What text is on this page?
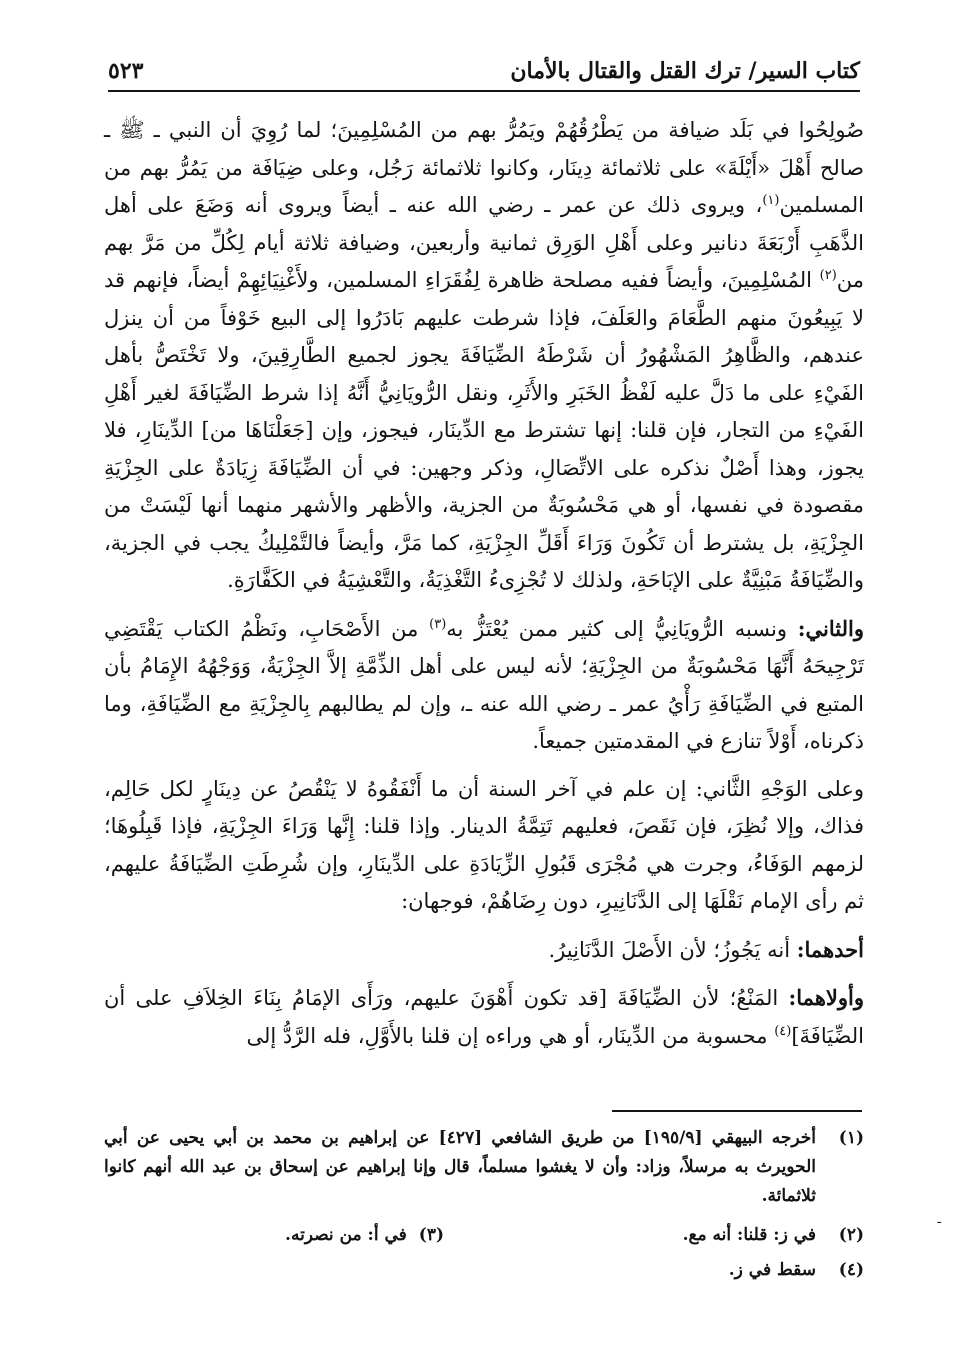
٥٢٣	كتاب السير/ ترك القتل والقتال بالأمان

صُولِحُوا في بَلَد ضيافة من يَطْرُقُهُمْ ويَمُرُّ بهم من المُسْلِمِينَ؛ لما رُوِيَ أن النبي ـ ﷺ ـ صالح أَهْلَ «أَيْلَةَ» على ثلاثمائة دِينَار، وكانوا ثلاثمائة رَجُل، وعلى ضِيَافَة من يَمُرُّ بهم من المسلمين$^{(١)}$، ويروى ذلك عن عمر ـ رضي الله عنه ـ أيضاً ويروى أنه وَضَعَ على أهل الذَّهَبِ أَرْبَعَةَ دنانير وعلى أَهْلِ الوَرِق ثمانية وأربعين، وضيافة ثلاثة أيام لِكُلِّ من مَرَّ بهم من$^{(٢)}$ المُسْلِمِينَ، وأيضاً ففيه مصلحة ظاهرة لِفُقَرَاءِ المسلمين، ولأَغْنِيَائِهِمْ أيضاً، فإنهم قد لا يَبِيعُونَ منهم الطَّعَامَ والعَلَفَ، فإذا شرطت عليهم بَادَرُوا إلى البيع خَوْفاً من أن ينزل عندهم، والظَّاهِرُ المَشْهُورُ أن شَرْطَهُ الضِّيَافَةَ يجوز لجميع الطَّارِقِينَ، ولا تَخْتَصُّ بأهل الفَيْءِ على ما دَلَّ عليه لَفْظُ الخَبَرِ والأَثَرِ، ونقل الرُّويَانِيُّ أَنَّهُ إذا شرط الضِّيَافَةَ لغير أَهْلِ الفَيْءِ من التجار، فإن قلنا: إنها تشترط مع الدِّينَار، فيجوز، وإن [جَعَلْنَاهَا من] الدِّينَارِ، فلا يجوز، وهذا أَصْلٌ نذكره على الاتِّصَالِ، وذكر وجهين: في أن الضِّيَافَةَ زِيَادَةٌ على الجِزْيَةِ مقصودة في نفسها، أو هي مَحْسُوبَةٌ من الجزية، والأظهر والأشهر منهما أنها لَيْسَتْ من الجِزْيَةِ، بل يشترط أن تَكُونَ وَرَاءَ أَقَلِّ الجِزْيَةِ، كما مَرَّ، وأيضاً فالتَّمْلِيكُ يجب في الجزية، والضِّيَافَةُ مَبْنِيَّةٌ على الإبَاحَةِ، ولذلك لا تُجْزِىءُ التَّغْذِيَةُ، والتَّعْشِيَةُ في الكَفَّارَةِ.

والثاني: ونسبه الرُّويَانِيُّ إلى كثير ممن يُعْتَزُّ به$^{(٣)}$ من الأَصْحَابِ، ونَظْمُ الكتاب يَقْتَضِي تَرْجِيحَهُ أَنَّهَا مَحْسُوبَةٌ من الجِزْيَةِ؛ لأنه ليس على أهل الذِّمَّةِ إلاَّ الجِزْيَةُ، وَوَجْهُهُ الإِمَامُ بأن المتبع في الضِّيَافَةِ رَأْيُ عمر ـ رضي الله عنه ـ، وإن لم يطالبهم بِالجِزْيَةِ مع الضِّيَافَةِ، وما ذكرناه، أَوْلاً تنازع في المقدمتين جميعاً.

وعلى الوَجْهِ الثَّاني: إن علم في آخر السنة أن ما أَنْفَقُوهُ لا يَنْقُصُ عن دِينَارٍ لكل حَالِم، فذاك، وإلا نُظِرَ، فإن نَقَصَ، فعليهم تَتِمَّةُ الدينار. وإذا قلنا: إِنَّها وَرَاءَ الجِزْيَةِ، فإذا قَبِلُوهَا؛ لزمهم الوَفَاءُ، وجرت هي مُجْرَى قَبُولِ الزِّيَادَةِ على الدِّينَارِ، وإن شُرِطَتِ الضِّيَافَةُ عليهم، ثم رأى الإمام نَقْلَهَا إلى الدَّنَانِيرِ، دون رِضَاهُمْ، فوجهان:

أحدهما: أنه يَجُوزُ؛ لأن الأَصْلَ الدَّنَانِيرُ.

وأولاهما: المَنْعُ؛ لأن الضِّيَافَةَ [قد تكون أَهْوَنَ عليهم، ورَأَى الإمَامُ بِنَاءَ الخِلاَفِ على أن الضِّيَافَةَ]$^{(٤)}$ محسوبة من الدِّينَار، أو هي وراءه إن قلنا بالأَوَّلِ، فله الرَّدُّ إلى

(١)
أخرجه البيهقي [١٩٥/٩] من طريق الشافعي [٤٢٧] عن إبراهيم بن محمد بن أبي يحيى عن أبي الحويرث به مرسلاً، وزاد: وأن لا يغشوا مسلماً، قال وإنا إبراهيم عن إسحاق بن عبد الله أنهم كانوا ثلاثمائة.
(٢)
في ز: قلنا: أنه مع.
(٣)في أ: من نصرته.
(٤)
سقط في ز.
ـ
